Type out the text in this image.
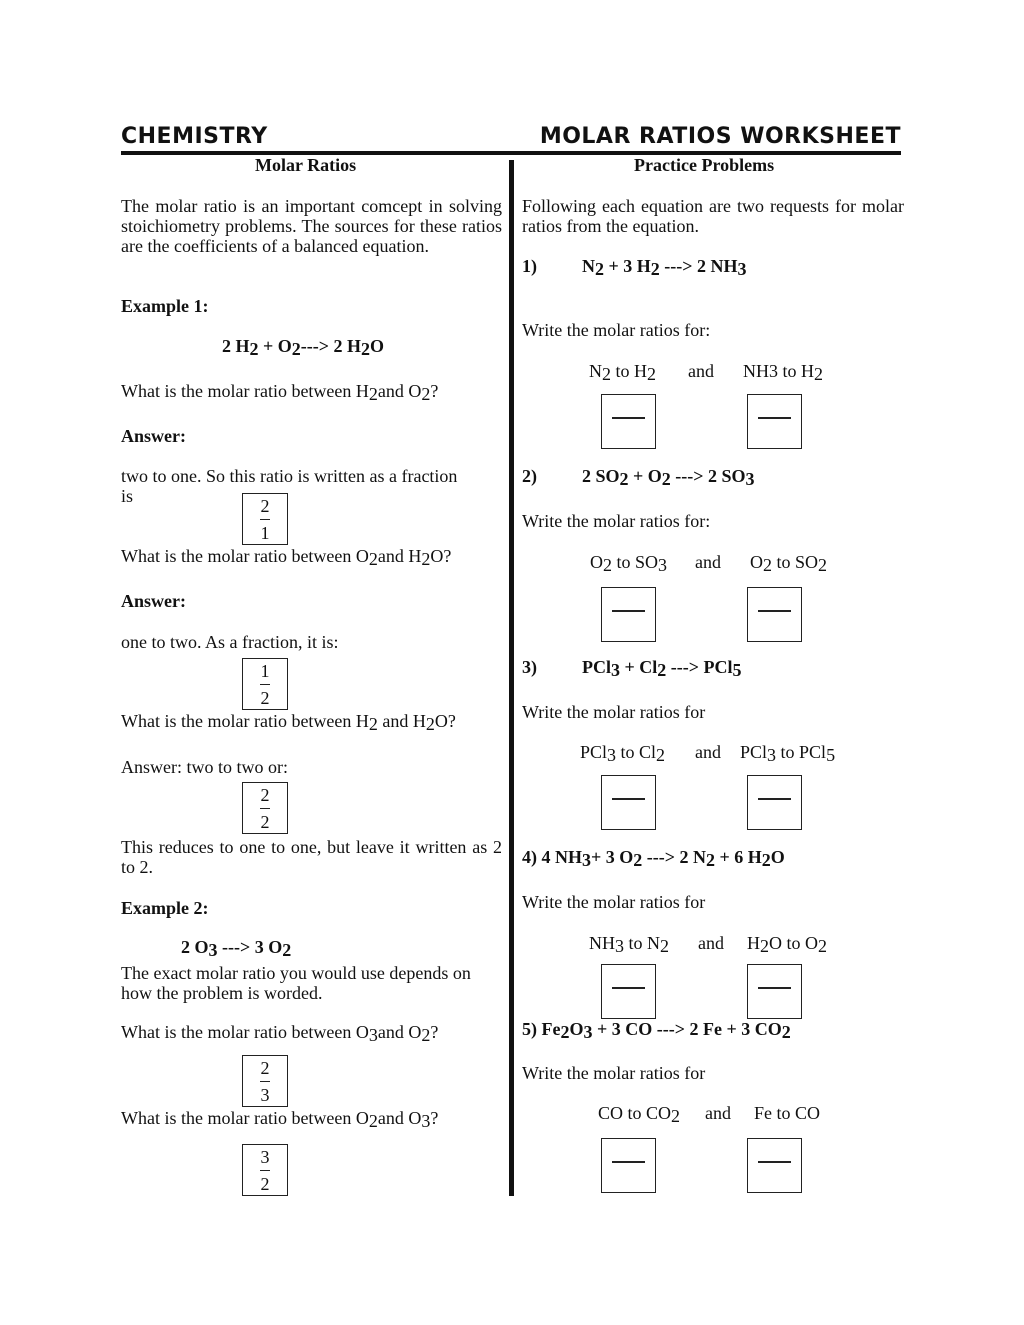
CHEMISTRY	MOLAR RATIOS WORKSHEET
Molar Ratios	Practice Problems
The molar ratio is an important comcept in solving stoichiometry problems. The sources for these ratios are the coefficients of a balanced equation.
Example 1:
2 H2 + O2---> 2 H2O
What is the molar ratio between H2and O2?
Answer:
two to one. So this ratio is written as a fraction
is	2
1
What is the molar ratio between O2and H2O?
Answer:
one to two. As a fraction, it is:
1
2
What is the molar ratio between H2 and H2O?
Answer: two to two or:
2
2
This reduces to one to one, but leave it written as 2 to 2.
Example 2:
2 O3 ---> 3 O2
The exact molar ratio you would use depends on how the problem is worded.
What is the molar ratio between O3and O2?
2
3
What is the molar ratio between O2and O3?
3
2
Following each equation are two requests for molar ratios from the equation.
1)	N2 + 3 H2 ---> 2 NH3
Write the molar ratios for:
N2 to H2 and NH3 to H2
2)	2 SO2 + O2 ---> 2 SO3
Write the molar ratios for:
O2 to SO3 and O2 to SO2
3)	PCl3 + Cl2 ---> PCl5
Write the molar ratios for
PCl3 to Cl2 and PCl3 to PCl5
4) 4 NH3+ 3 O2 ---> 2 N2 + 6 H2O
Write the molar ratios for
NH3 to N2 and H2O to O2
5) Fe2O3 + 3 CO ---> 2 Fe + 3 CO2
Write the molar ratios for
CO to CO2 and Fe to CO
